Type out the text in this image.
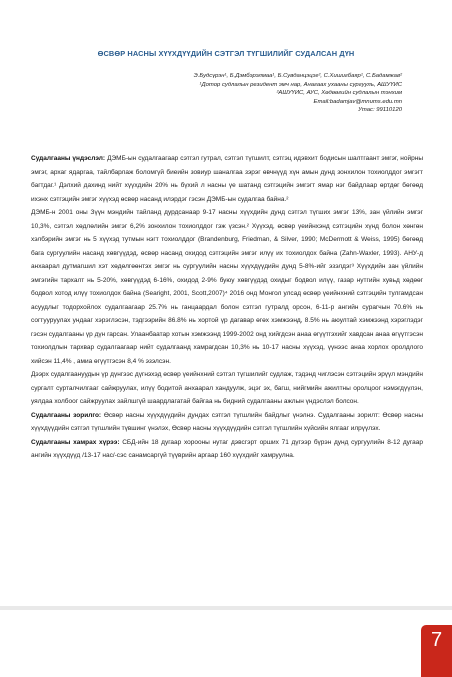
ӨСВӨР НАСНЫ ХҮҮХДҮҮДИЙН СЭТГЭЛ ТҮГШИЛИЙГ СУДАЛСАН ДҮН
Э.Будсүрэн¹, Б.Дэмбэрэлмаа¹, Б.Сувданцэцэг², С.Хишигбаяр¹, С.Бадамжав²
¹Дотор судлалын резидент эмч нар, Анагаах ухааны сургууль, АШУҮИС
²АШУҮИС, АУС, Хөдөөгийн судлалын тэнхим
Email:badamjav@mnums.edu.mn
Утас: 99110120

Судалгааны үндэслэл: ДЭМБ-ын судалгаагаар сэтгэл гутрал, сэтгэл түгшилт, сэтгэц идэвхит бодисын шалтгаант эмгэг, нойрны эмгэг, архаг ядаргаа, тайлбарлаж боломгүй биеийн зовиур шаналгаа зэрэг өвчнүүд хүн амын дунд зонхилон тохиолддог эмгэгт багтдаг.¹ Дэлхий дахинд нийт хүүхдийн 20% нь бүхий л насны үе шатанд сэтгэцийн эмгэгт ямар нэг байдлаар өртдөг бөгөөд ихэнх сэтгэцийн эмгэг хүүхэд өсвөр насанд илэрдэг гэсэн ДЭМБ-ын судалгаа байна.²

ДЭМБ-н 2001 оны Зүүн мэндийн тайланд дурдсанаар 9-17 насны хүүхдийн дунд сэтгэл түгших эмгэг 13%, зан үйлийн эмгэг 10,3%, сэтгэл хөдлөлийн эмгэг 6,2% зонхилон тохиолддог гэж үзсэн.² Хүүхэд, өсвөр үеийнхэнд сэтгэцийн хүнд болон хөнгөн хэлбэрийн эмгэг нь 5 хүүхэд тутмын нэгт тохиолддог (Brandenburg, Friedman, & Silver, 1990; McDermott & Weiss, 1995) бөгөөд бага сургуулийн насанд хөвгүүдэд, өсвөр насанд охидод сэтгэцийн эмгэг илүү их тохиолдох байна (Zahn-Waxler, 1993). АНУ-д анхаарал дутмагшил хэт хөдөлгөөнтэх эмгэг нь сургуулийн насны хүүхдүүдийн дунд 5-8%-ийг эзэлдэг³ Хүүхдийн зан үйлийн эмгэгийн тархалт нь 5-20%, хөвгүүдэд 6-16%, охидод 2-9% буюу хөвгүүдэд охидыг бодвол илүү, газар нутгийн хувьд хөдөөг бодвол хотод илүү тохиолдох байна (Searight, 2001, Scott,2007)⁴ 2016 онд Монгол улсад өсвөр үеийнхний сэтгэцийн тулгамдсан асуудлыг тодорхойлох судалгаагаар 25.7% нь ганцаардал болон сэтгэл гутралд орсон, 6-11-р ангийн сурагчын 70.6% нь согтууруулах ундааг хэрэглэсэн, тэдгээрийн 86.8% нь хортой үр дагавар өгөх хэмжээнд, 8.5% нь аюултай хэмжээнд хэрэглэдэг гэсэн судалгааны үр дүн гарсан. Улаанбаатар хотын хэмжээнд 1999-2002 онд хийгдсэн анаа өгүүтгэхийг хавдсан анаа өгүүтгэсэн тохиолдлын тархвар судалгаагаар нийт судалгаанд хамрагдсан 10,3% нь 10-17 насны хүүхэд, үүнээс анаа хорлох оролдлого хийсэн 11,4% , амиа өгүүтгэсэн 8,4 % эзэлсэн.

Дээрх судалгаануудын үр дүнгээс дүгнэхэд өсвөр үеийнхний сэтгэл түгшилийг судлаж, тэдэнд чиглэсэн сэтгэцийн эрүүл мэндийн сургалт сурталчилгааг сайжруулах, илүү бодитой анхаарал хандуулж, эцэг эх, багш, нийгмийн ажилтны оролцоог нэмэгдүүлэн, уялдаа холбоог сайжруулах зайлшгүй шаардлагатай байгаа нь бидний судалгааны ажлын үндэслэл болсон.

Судалгааны зорилго: Өсвөр насны хүүхдүүдийн дундах сэтгэл түгшлийн байдлыг үнэлнэ. Судалгааны зорилт: Өсвөр насны хүүхдүүдийн сэтгэл түгшлийн түвшинг үнэлэх, Өсвөр насны хүүхдүүдийн сэтгэл түгшлийн хүйсийн ялгааг илрүүлэх.

Судалгааны хамрах хүрээ: СБД-ийн 18 дугаар хорооны нутаг дэвсгэрт орших 71 дүгээр бүрэн дунд сургуулийн 8-12 дугаар ангийн хүүхдүүд /13-17 нас/-сэс санамсаргүй түүврийн аргаар 160 хүүхдийг хамруулна.

7
